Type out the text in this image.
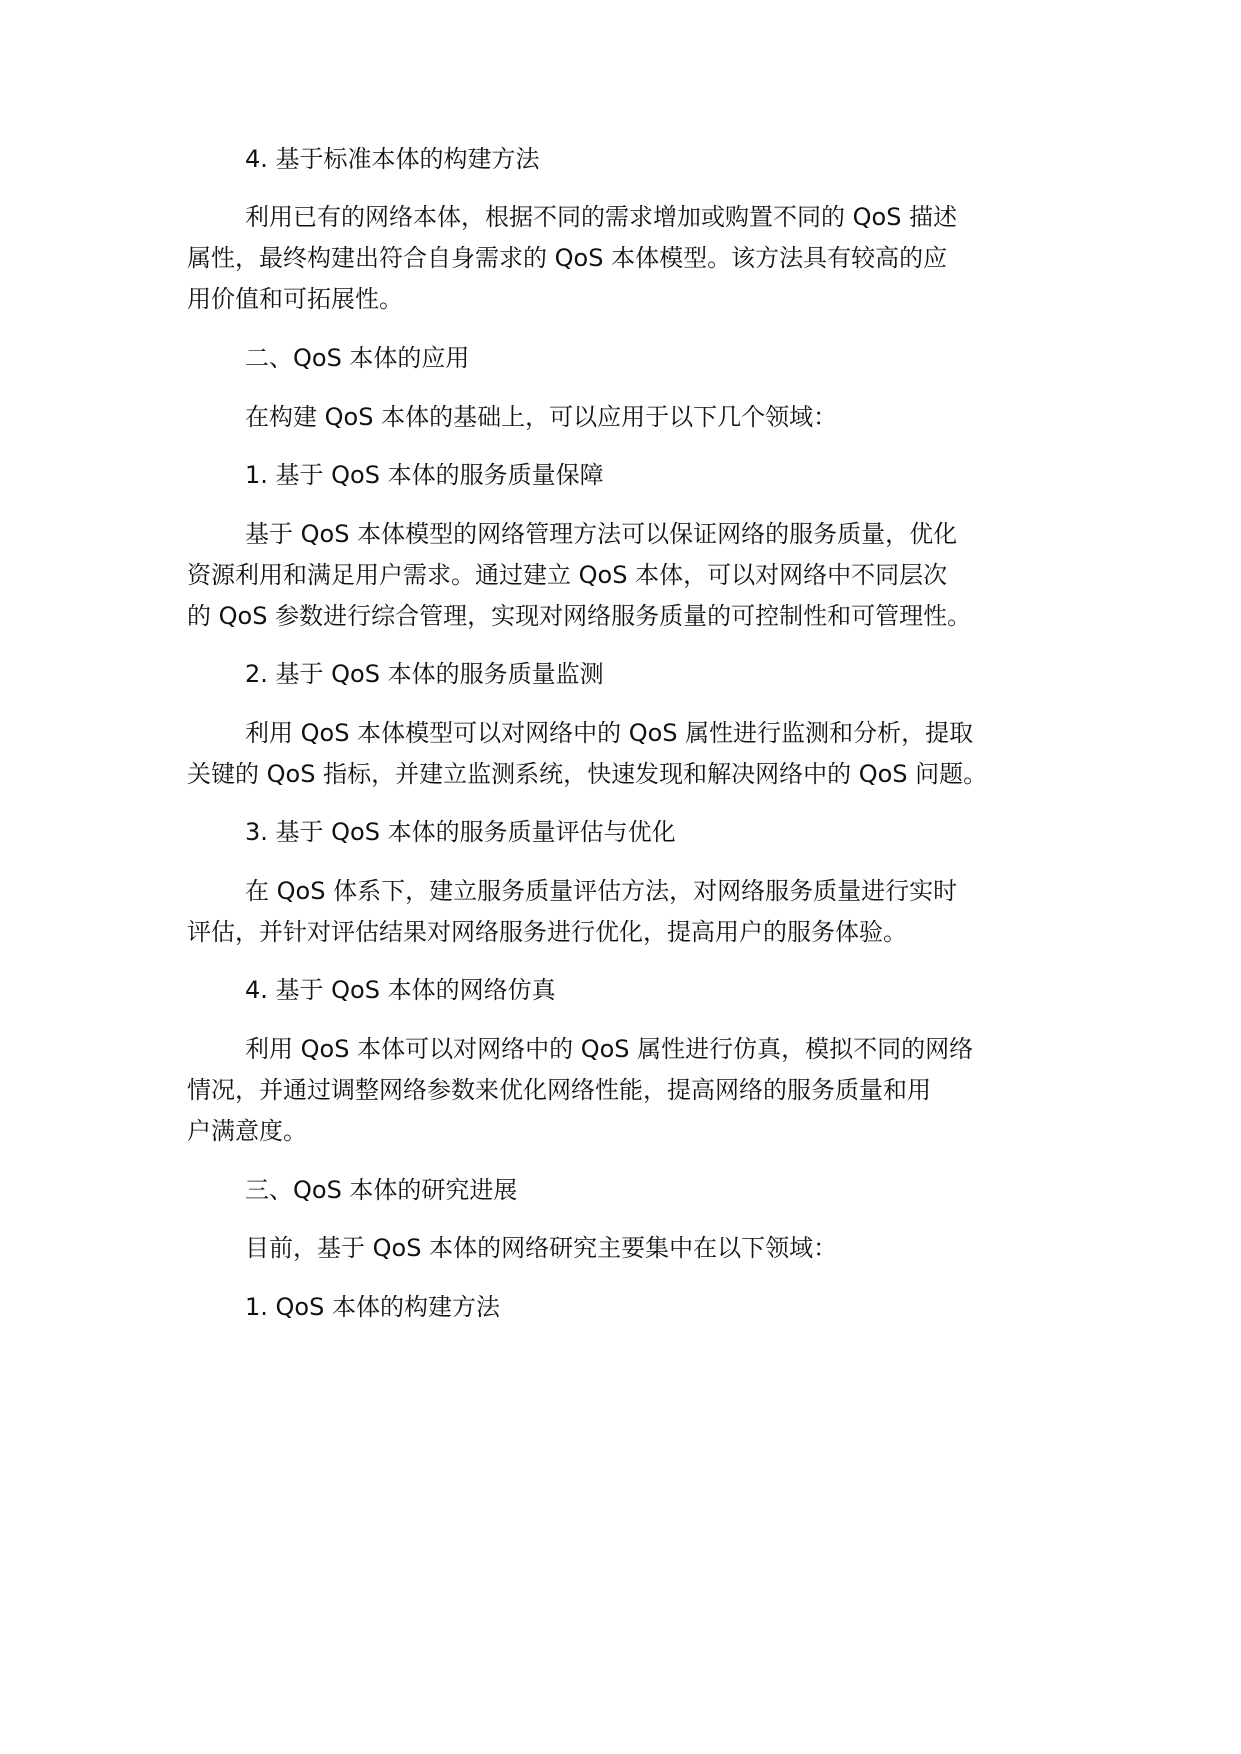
4. 基于标准本体的构建方法
利用已有的网络本体，根据不同的需求增加或购置不同的 QoS 描述
属性，最终构建出符合自身需求的 QoS 本体模型。该方法具有较高的应
用价值和可拓展性。
二、QoS 本体的应用
在构建 QoS 本体的基础上，可以应用于以下几个领域：
1. 基于 QoS 本体的服务质量保障
基于 QoS 本体模型的网络管理方法可以保证网络的服务质量，优化
资源利用和满足用户需求。通过建立 QoS 本体，可以对网络中不同层次
的 QoS 参数进行综合管理，实现对网络服务质量的可控制性和可管理性。
2. 基于 QoS 本体的服务质量监测
利用 QoS 本体模型可以对网络中的 QoS 属性进行监测和分析，提取
关键的 QoS 指标，并建立监测系统，快速发现和解决网络中的 QoS 问题。
3. 基于 QoS 本体的服务质量评估与优化
在 QoS 体系下，建立服务质量评估方法，对网络服务质量进行实时
评估，并针对评估结果对网络服务进行优化，提高用户的服务体验。
4. 基于 QoS 本体的网络仿真
利用 QoS 本体可以对网络中的 QoS 属性进行仿真，模拟不同的网络
情况，并通过调整网络参数来优化网络性能，提高网络的服务质量和用
户满意度。
三、QoS 本体的研究进展
目前，基于 QoS 本体的网络研究主要集中在以下领域：
1. QoS 本体的构建方法
